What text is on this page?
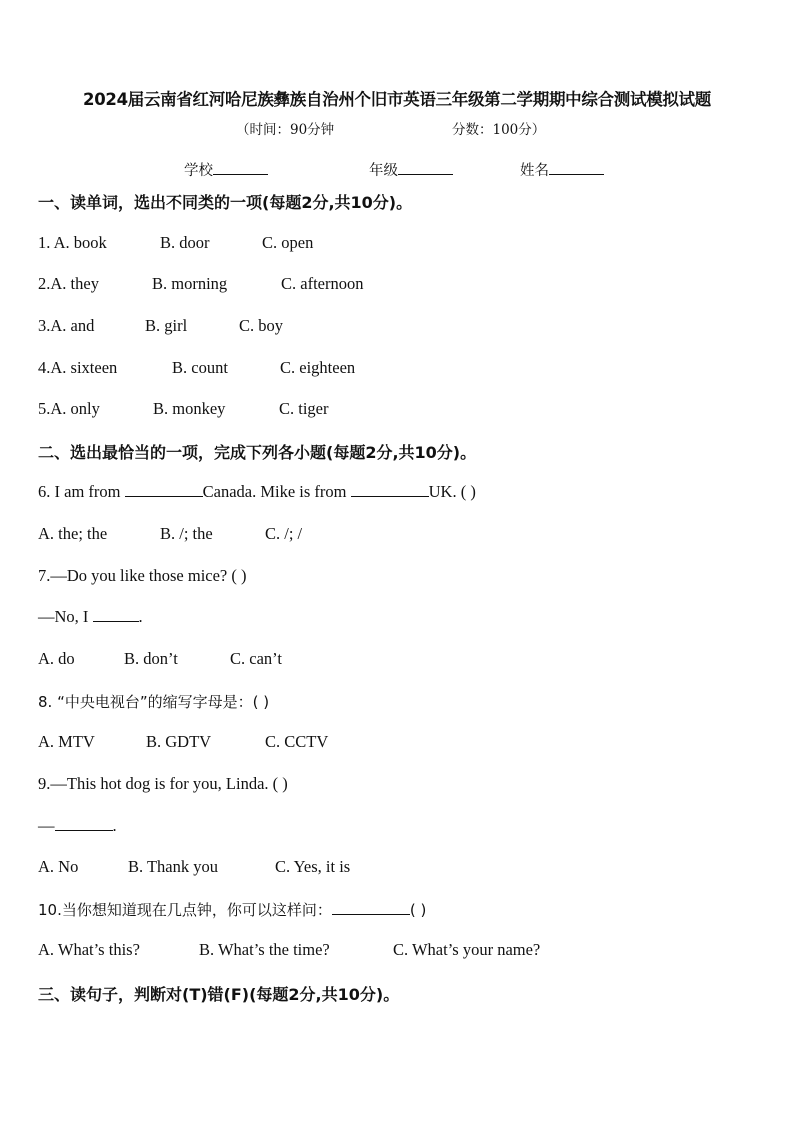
2024届云南省红河哈尼族彝族自治州个旧市英语三年级第二学期期中综合测试模拟试题
（时间：90分钟	分数：100分）
学校	年级	姓名
一、读单词，选出不同类的一项(每题2分,共10分)。
1. A. book	B. door	C. open
2.A. they	B. morning	C. afternoon
3.A. and	B. girl	C. boy
4.A. sixteen	B. count	C. eighteen
5.A. only	B. monkey	C. tiger
二、选出最恰当的一项，完成下列各小题(每题2分,共10分)。
6. I am from	Canada. Mike is from	UK. ( )
A. the; the	B. /; the	C. /; /
7.—Do you like those mice? ( )
—No, I	.
A. do	B. don’t	C. can’t
8. “中央电视台”的缩写字母是：( )
A. MTV	B. GDTV	C. CCTV
9.—This hot dog is for you, Linda. ( )
—	.
A. No	B. Thank you	C. Yes, it is
10.当你想知道现在几点钟，你可以这样问：	( )
A. What’s this?	B. What’s the time?	C. What’s your name?
三、读句子，判断对(T)错(F)(每题2分,共10分)。
